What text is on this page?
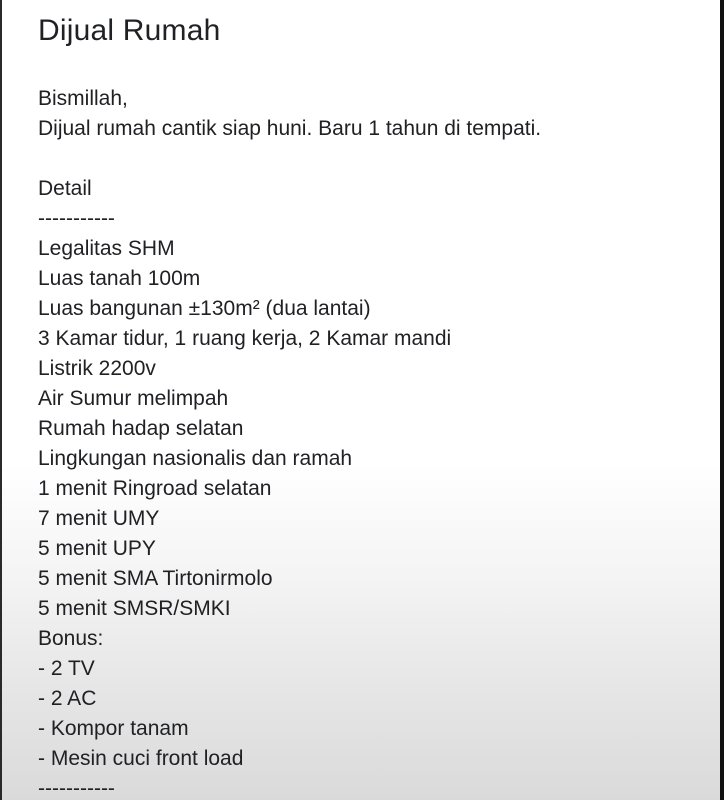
Dijual Rumah
Bismillah,
Dijual rumah cantik siap huni. Baru 1 tahun di tempati.
Detail
-----------
Legalitas SHM
Luas tanah 100m
Luas bangunan ±130m² (dua lantai)
3 Kamar tidur, 1 ruang kerja, 2 Kamar mandi
Listrik 2200v
Air Sumur melimpah
Rumah hadap selatan
Lingkungan nasionalis dan ramah
1 menit Ringroad selatan
7 menit UMY
5 menit UPY
5 menit SMA Tirtonirmolo
5 menit SMSR/SMKI
Bonus:
- 2 TV
- 2 AC
- Kompor tanam
- Mesin cuci front load
-----------
